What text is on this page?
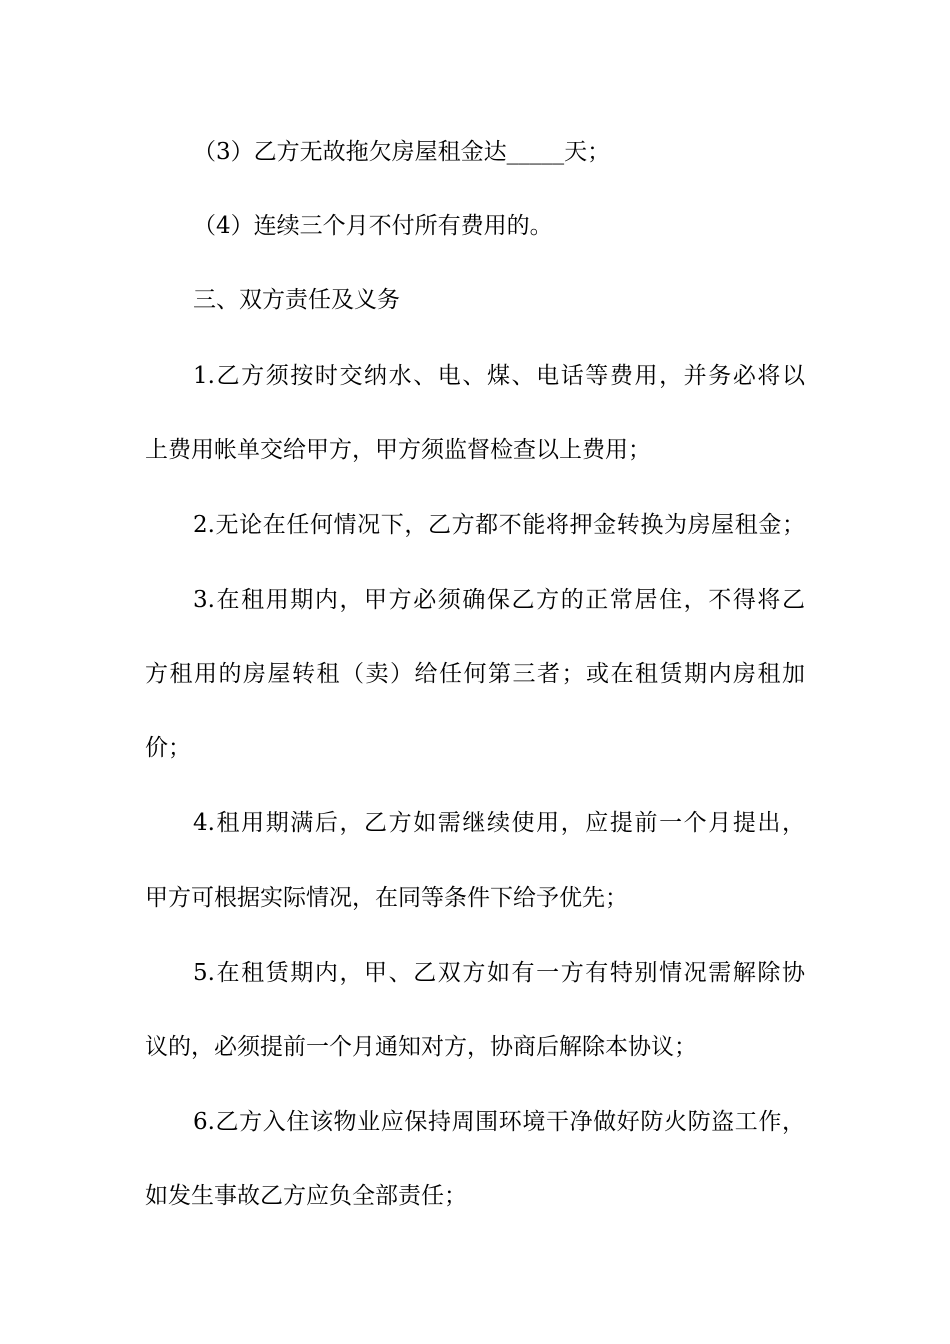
（3）乙方无故拖欠房屋租金达_____天；
（4）连续三个月不付所有费用的。
三、双方责任及义务
1.乙方须按时交纳水、电、煤、电话等费用，并务必将以
上费用帐单交给甲方，甲方须监督检查以上费用；
2.无论在任何情况下，乙方都不能将押金转换为房屋租金；
3.在租用期内，甲方必须确保乙方的正常居住，不得将乙
方租用的房屋转租（卖）给任何第三者；或在租赁期内房租加
价；
4.租用期满后，乙方如需继续使用，应提前一个月提出，
甲方可根据实际情况，在同等条件下给予优先；
5.在租赁期内，甲、乙双方如有一方有特别情况需解除协
议的，必须提前一个月通知对方，协商后解除本协议；
6.乙方入住该物业应保持周围环境干净做好防火防盗工作，
如发生事故乙方应负全部责任；
